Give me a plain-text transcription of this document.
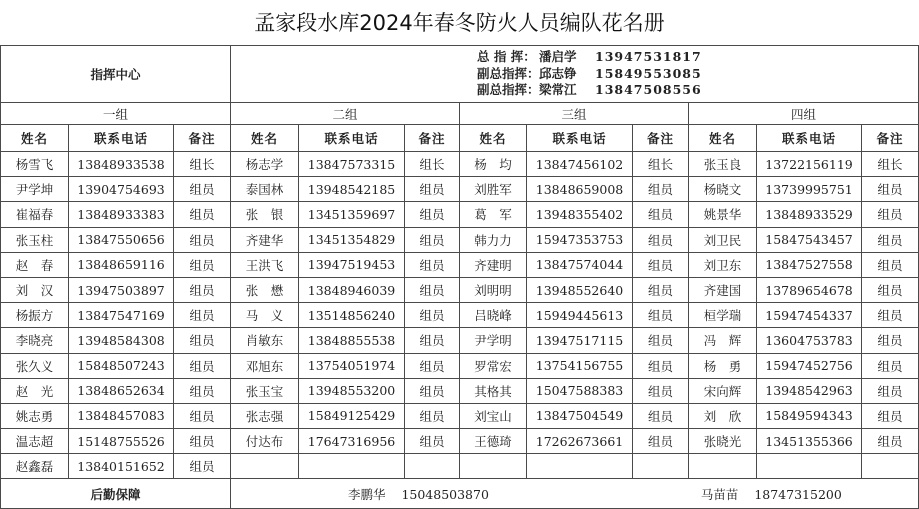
孟家段水库2024年春冬防火人员编队花名册
指挥中心			总 指 挥： 潘启学 13947531817
副总指挥：邱志铮 15849553085
副总指挥：梁常江 13847508556								

一组			二组			三组			四组		
姓名	联系电话	备注	姓名	联系电话	备注	姓名	联系电话	备注	姓名	联系电话	备注
杨雪飞	13848933538	组长	杨志学	13847573315	组长	杨　均	13847456102	组长	张玉良	13722156119	组长
尹学坤	13904754693	组员	泰国林	13948542185	组员	刘胜军	13848659008	组员	杨晓文	13739995751	组员
崔福春	13848933383	组员	张　银	13451359697	组员	葛　军	13948355402	组员	姚景华	13848933529	组员
张玉柱	13847550656	组员	齐建华	13451354829	组员	韩力力	15947353753	组员	刘卫民	15847543457	组员
赵　春	13848659116	组员	王洪飞	13947519453	组员	齐建明	13847574044	组员	刘卫东	13847527558	组员
刘　汉	13947503897	组员	张　懋	13848946039	组员	刘明明	13948552640	组员	齐建国	13789654678	组员
杨振方	13847547169	组员	马　义	13514856240	组员	吕晓峰	15949445613	组员	桓学瑞	15947454337	组员
李晓亮	13948584308	组员	肖敏东	13848855538	组员	尹学明	13947517115	组员	冯　辉	13604753783	组员
张久义	15848507243	组员	邓旭东	13754051974	组员	罗常宏	13754156755	组员	杨　勇	15947452756	组员
赵　光	13848652634	组员	张玉宝	13948553200	组员	其格其	15047588383	组员	宋向辉	13948542963	组员
姚志勇	13848457083	组员	张志强	15849125429	组员	刘宝山	13847504549	组员	刘　欣	15849594343	组员
温志超	15148755526	组员	付达布	17647316956	组员	王德琦	17262673661	组员	张晓光	13451355366	组员
赵鑫磊	13840151652	组员									
后勤保障			李鹏华 15048503870 马苗苗 18747315200								
